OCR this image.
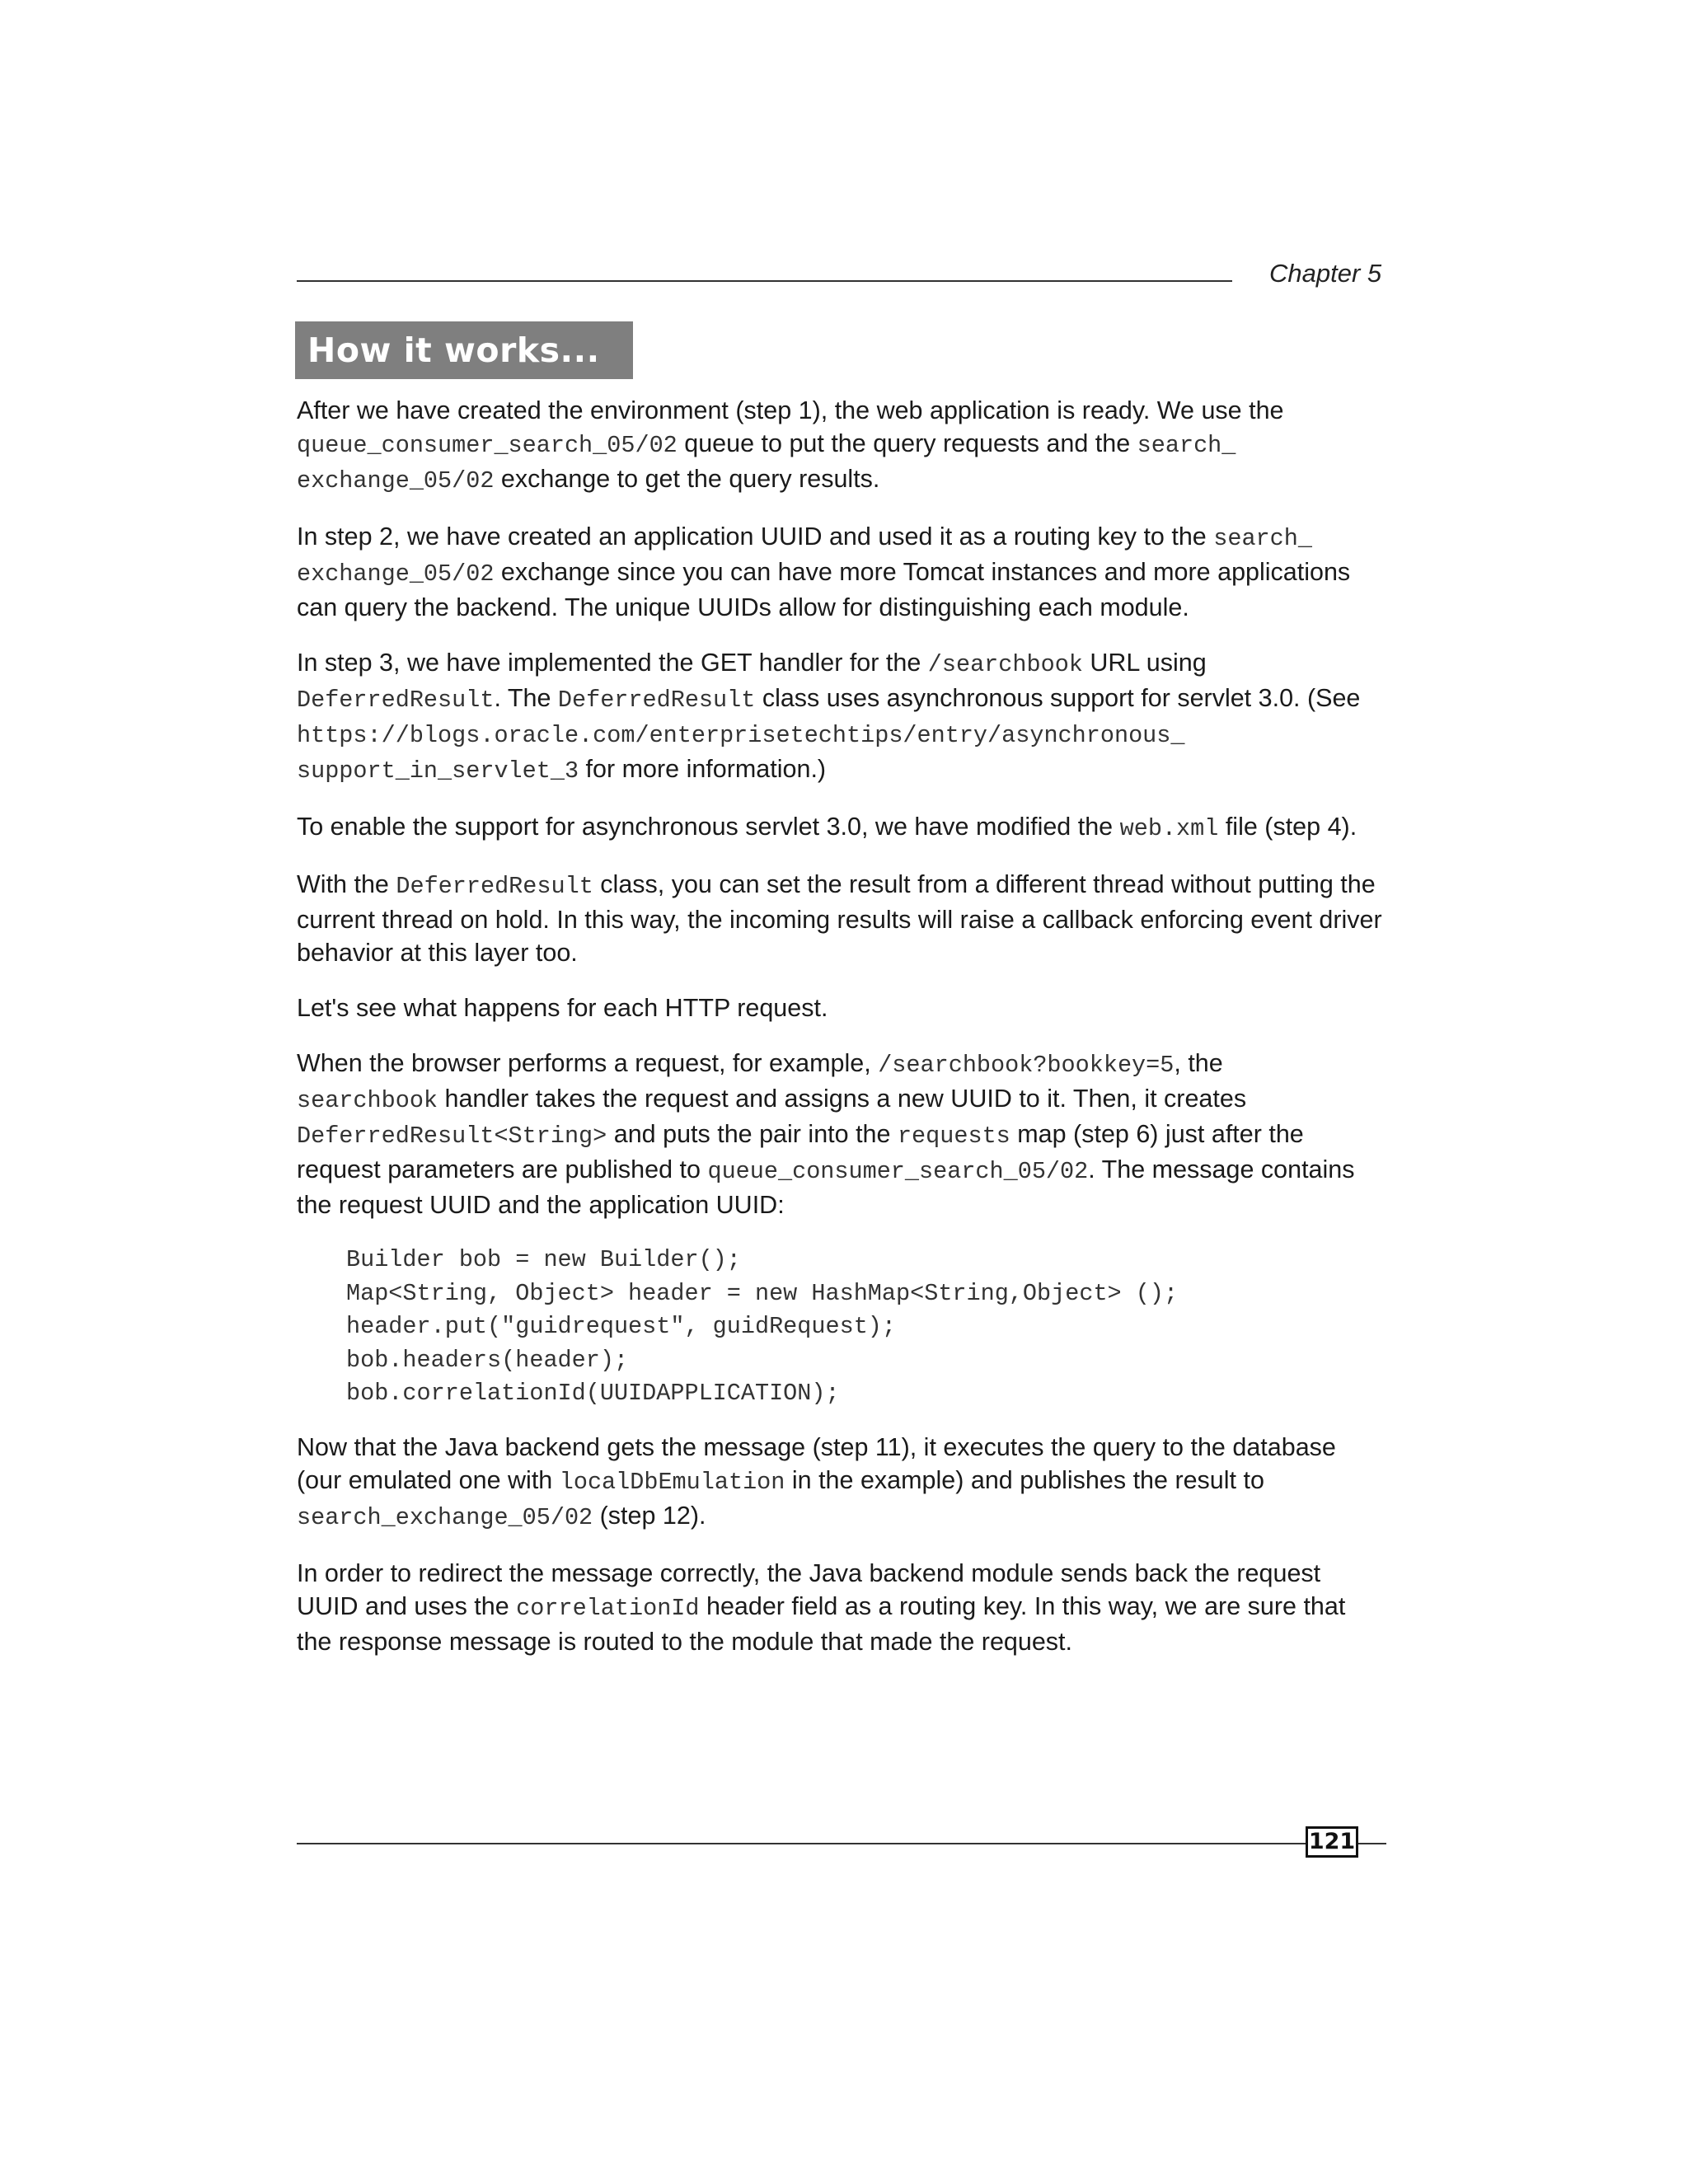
Chapter 5
How it works...

After we have created the environment (step 1), the web application is ready. We use the queue_consumer_search_05/02 queue to put the query requests and the search_
exchange_05/02 exchange to get the query results.

In step 2, we have created an application UUID and used it as a routing key to the search_
exchange_05/02 exchange since you can have more Tomcat instances and more applications can query the backend. The unique UUIDs allow for distinguishing each module.

In step 3, we have implemented the GET handler for the /searchbook URL using DeferredResult. The DeferredResult class uses asynchronous support for servlet 3.0. (See https://blogs.oracle.com/enterprisetechtips/entry/asynchronous_
support_in_servlet_3 for more information.)

To enable the support for asynchronous servlet 3.0, we have modified the web.xml file (step 4).

With the DeferredResult class, you can set the result from a different thread without putting the current thread on hold. In this way, the incoming results will raise a callback enforcing event driver behavior at this layer too.

Let's see what happens for each HTTP request.

When the browser performs a request, for example, /searchbook?bookkey=5, the
searchbook handler takes the request and assigns a new UUID to it. Then, it creates
DeferredResult<String> and puts the pair into the requests map (step 6) just after the request parameters are published to queue_consumer_search_05/02. The message contains the request UUID and the application UUID:

Builder bob = new Builder();
Map<String, Object> header = new HashMap<String,Object> ();
header.put("guidrequest", guidRequest);
bob.headers(header);
bob.correlationId(UUIDAPPLICATION);

Now that the Java backend gets the message (step 11), it executes the query to the database (our emulated one with localDbEmulation in the example) and publishes the result to
search_exchange_05/02 (step 12).

In order to redirect the message correctly, the Java backend module sends back the request UUID and uses the correlationId header field as a routing key. In this way, we are sure that the response message is routed to the module that made the request.

121
